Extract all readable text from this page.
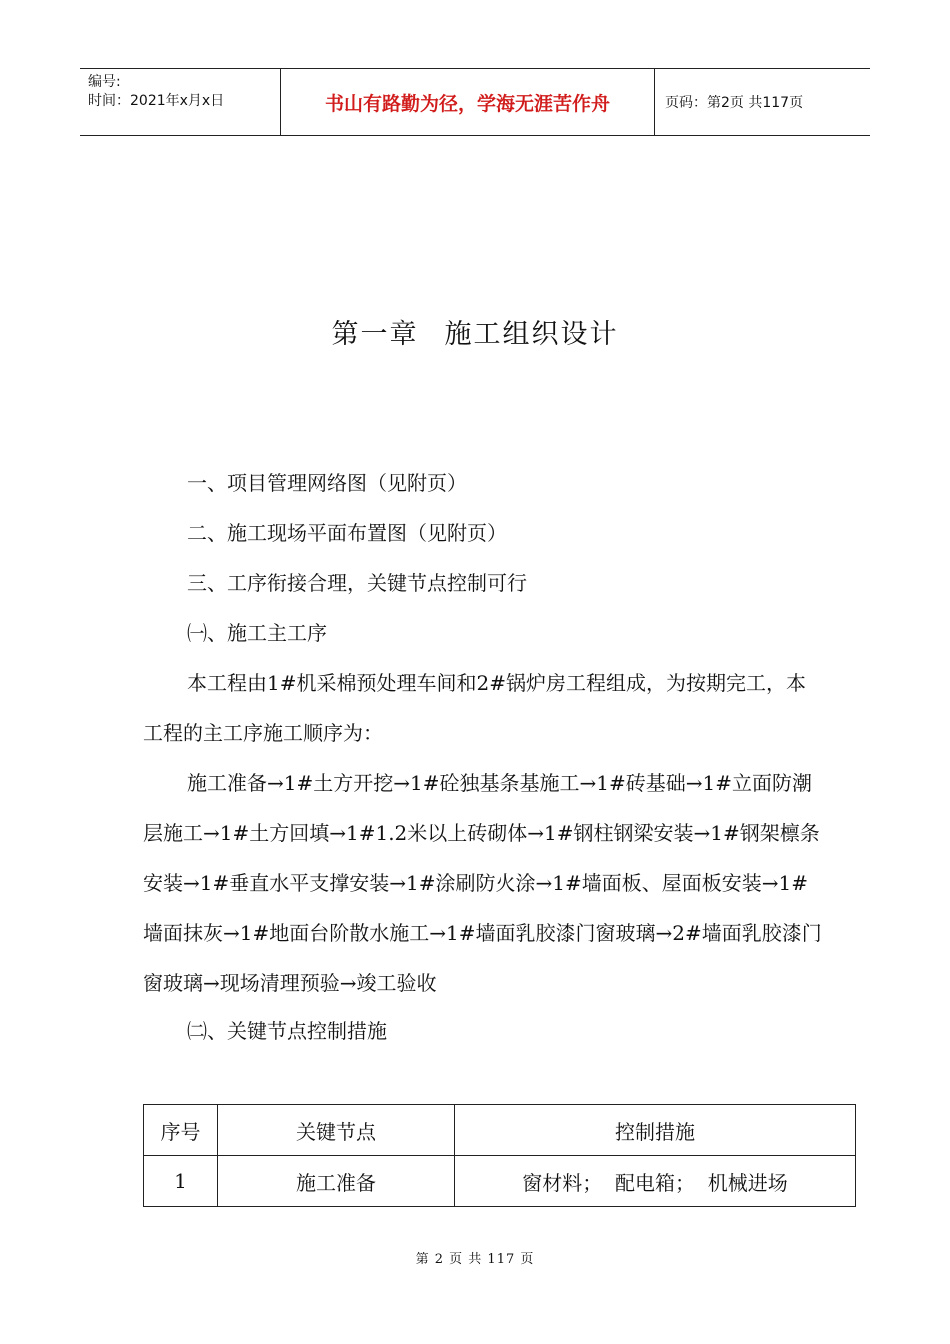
编号:
时间：2021年x月x日	书山有路勤为径，学海无涯苦作舟	页码：第2页 共117页
第一章 施工组织设计
一、项目管理网络图（见附页）
二、施工现场平面布置图（见附页）
三、工序衔接合理，关键节点控制可行
㈠、施工主工序
本工程由1#机采棉预处理车间和2#锅炉房工程组成，为按期完工，本工程的主工序施工顺序为：
施工准备→1#土方开挖→1#砼独基条基施工→1#砖基础→1#立面防潮层施工→1#土方回填→1#1.2米以上砖砌体→1#钢柱钢梁安装→1#钢架檩条安装→1#垂直水平支撑安装→1#涂刷防火涂→1#墙面板、屋面板安装→1#墙面抹灰→1#地面台阶散水施工→1#墙面乳胶漆门窗玻璃→2#墙面乳胶漆门窗玻璃→现场清理预验→竣工验收
㈡、关键节点控制措施
序号	关键节点	控制措施
1	施工准备	窗材料；  配电箱；  机械进场
第 2 页 共 117 页
